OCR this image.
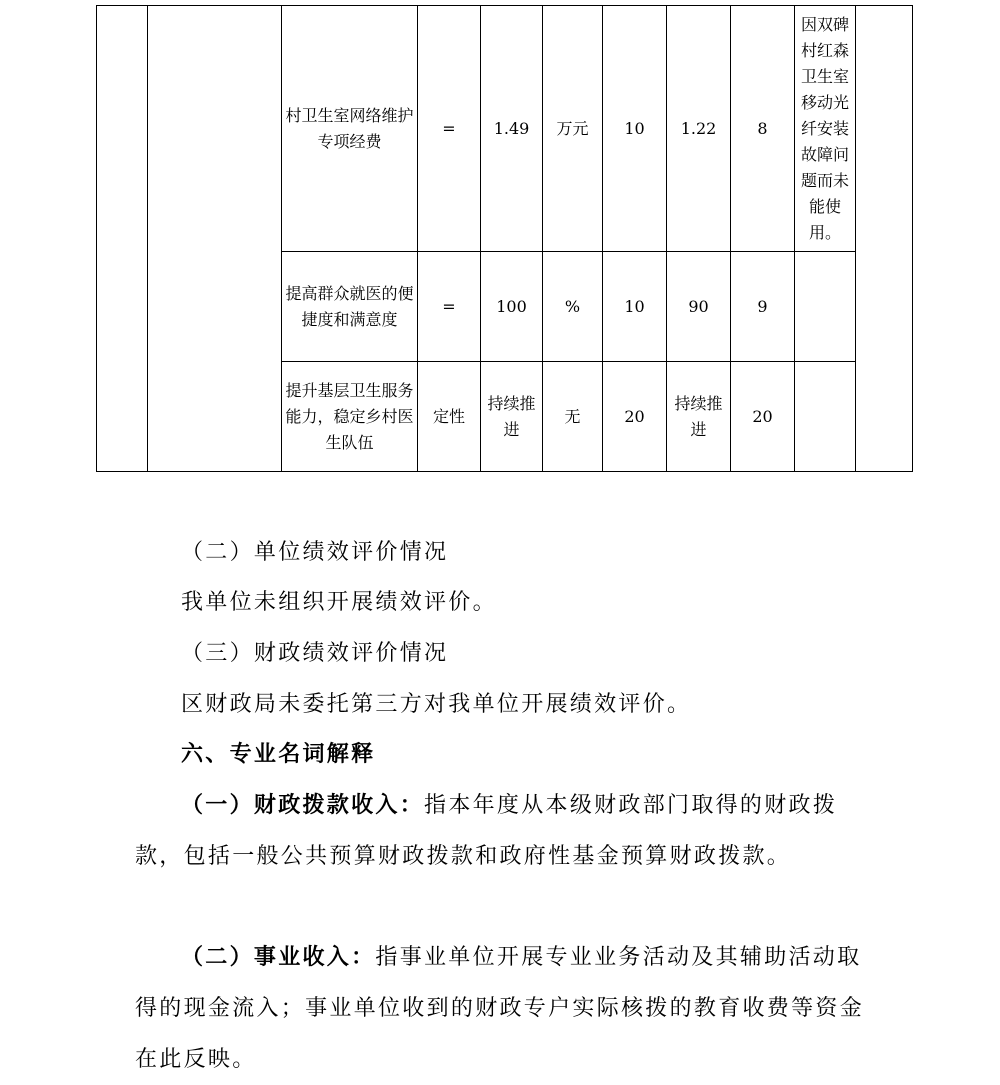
		村卫生室网络维护专项经费	=	1.49	万元	10	1.22	8	因双碑村红森卫生室移动光纤安装故障问题而未能使用。	

		提高群众就医的便捷度和满意度	=	100	%	10	90	9		

		提升基层卫生服务能力，稳定乡村医生队伍	定性	持续推进	无	20	持续推进	20		

（二）单位绩效评价情况

我单位未组织开展绩效评价。

（三）财政绩效评价情况

区财政局未委托第三方对我单位开展绩效评价。

六、专业名词解释

（一）财政拨款收入：指本年度从本级财政部门取得的财政拨款，包括一般公共预算财政拨款和政府性基金预算财政拨款。

（二）事业收入：指事业单位开展专业业务活动及其辅助活动取得的现金流入；事业单位收到的财政专户实际核拨的教育收费等资金在此反映。
